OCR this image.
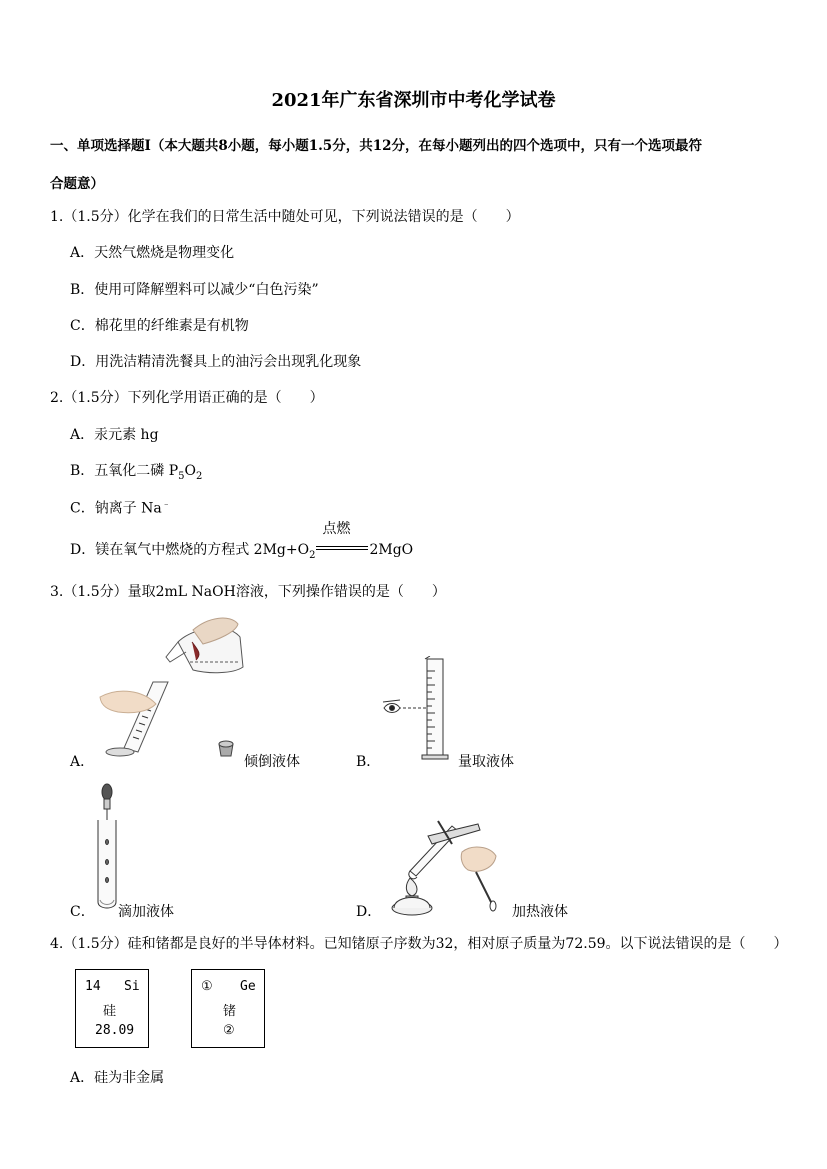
2021年广东省深圳市中考化学试卷
一、单项选择题Ⅰ（本大题共8小题，每小题1.5分，共12分，在每小题列出的四个选项中，只有一个选项最符
合题意）
1.（1.5分）化学在我们的日常生活中随处可见，下列说法错误的是（　　）
A．天然气燃烧是物理变化
B．使用可降解塑料可以减少“白色污染”
C．棉花里的纤维素是有机物
D．用洗洁精清洗餐具上的油污会出现乳化现象
2.（1.5分）下列化学用语正确的是（　　）
A．汞元素 hg
B．五氧化二磷 $P_5O_2$
C．钠离子 Na﹣
D．镁在氧气中燃烧的方程式 $2Mg+O_2$
点燃
2MgO
3.（1.5分）量取2mL NaOH溶液，下列操作错误的是（　　）
A．	倾倒液体	B．	量取液体
C． 滴加液体	D．	加热液体
4.（1.5分）硅和锗都是良好的半导体材料。已知锗原子序数为32，相对原子质量为72.59。以下说法错误的是（　　）
14 Si
硅
28.09
① Ge
锗
②
A．硅为非金属
